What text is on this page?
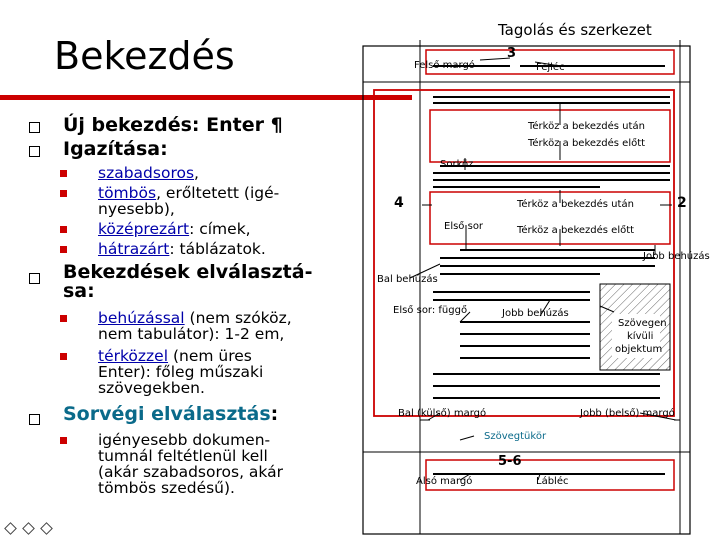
Bekezdés
Új bekezdés: Enter ¶
Igazítása:
szabadsoros,
tömbös, erőltetett (igé-
nyesebb),
középrezárt: címek,
hátrazárt: táblázatok.
Bekezdések elválasztá-
sa:
behúzással (nem szóköz,
nem tabulátor): 1-2 em,
térközzel (nem üres
Enter): főleg műszaki
szövegekben.
Sorvégi elválasztás:
igényesebb dokumen-
tumnál feltétlenül kell
(akár szabadsoros, akár
tömbös szedésű).
Tagolás és szerkezet
Felső margó
3
Fejléc
Térköz a bekezdés után
Térköz a bekezdés előtt
Sorköz
4	Térköz a bekezdés után	2
Első sor	Térköz a bekezdés előtt
Jobb behúzás
Bal behúzás
Első sor: függő	Jobb behúzás
Szövegen
kívüli
objektum
Bal (külső) margó	Jobb (belső) margó
Szövegtükör
5-6
Alsó margó	Lábléc
